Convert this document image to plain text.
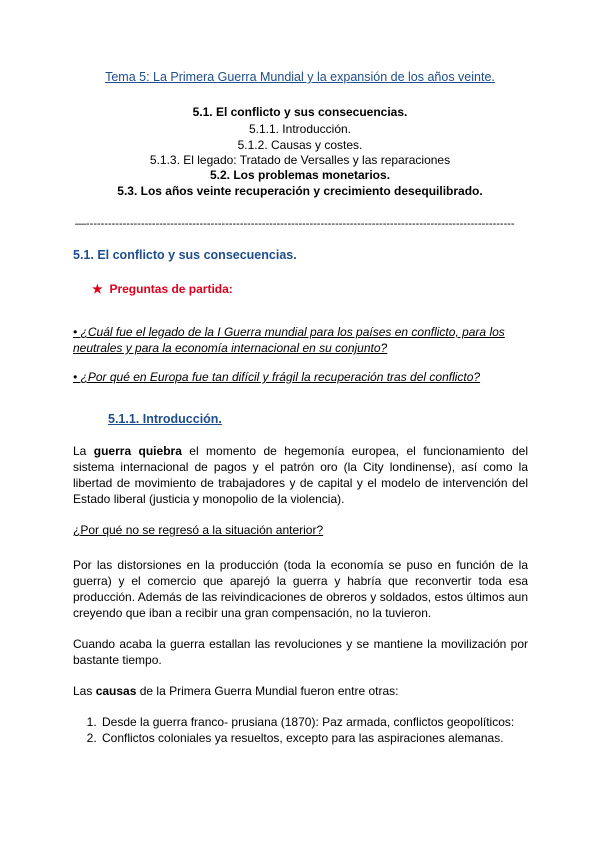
Tema 5: La Primera Guerra Mundial y la expansión de los años veinte.
5.1. El conflicto y sus consecuencias.
5.1.1. Introducción.
5.1.2. Causas y costes.
5.1.3. El legado: Tratado de Versalles y las reparaciones
5.2. Los problemas monetarios.
5.3. Los años veinte recuperación y crecimiento desequilibrado.
—---------------------------------------------------------------------------------------------------------------------
5.1. El conflicto y sus consecuencias.
★ Preguntas de partida:
• ¿Cuál fue el legado de la I Guerra mundial para los países en conflicto, para los neutrales y para la economía internacional en su conjunto?
• ¿Por qué en Europa fue tan difícil y frágil la recuperación tras del conflicto?
5.1.1. Introducción.
La guerra quiebra el momento de hegemonía europea, el funcionamiento del sistema internacional de pagos y el patrón oro (la City londinense), así como la libertad de movimiento de trabajadores y de capital y el modelo de intervención del Estado liberal (justicia y monopolio de la violencia).
¿Por qué no se regresó a la situación anterior?
Por las distorsiones en la producción (toda la economía se puso en función de la guerra) y el comercio que aparejó la guerra y habría que reconvertir toda esa producción. Además de las reivindicaciones de obreros y soldados, estos últimos aun creyendo que iban a recibir una gran compensación, no la tuvieron.
Cuando acaba la guerra estallan las revoluciones y se mantiene la movilización por bastante tiempo.
Las causas de la Primera Guerra Mundial fueron entre otras:
1. Desde la guerra franco- prusiana (1870): Paz armada, conflictos geopolíticos:
2. Conflictos coloniales ya resueltos, excepto para las aspiraciones alemanas.
